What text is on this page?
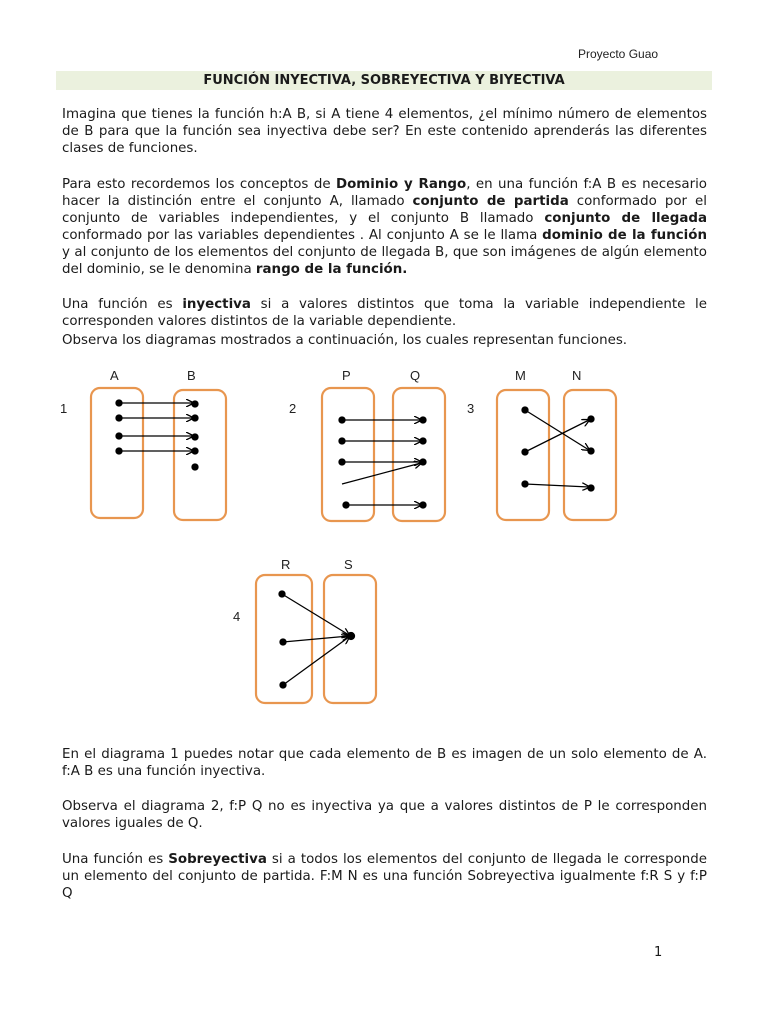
Proyecto Guao
FUNCIÓN INYECTIVA, SOBREYECTIVA Y BIYECTIVA

Imagina que tienes la función h:A B, si A tiene 4 elementos, ¿el mínimo número de elementos de B para que la función sea inyectiva debe ser? En este contenido aprenderás las diferentes clases de funciones.

Para esto recordemos los conceptos de Dominio y Rango, en una función f:A B es necesario hacer la distinción entre el conjunto A, llamado conjunto de partida conformado por el conjunto de variables independientes, y el conjunto B llamado conjunto de llegada conformado por las variables dependientes . Al conjunto A se le llama dominio de la función y al conjunto de los elementos del conjunto de llegada B, que son imágenes de algún elemento del dominio, se le denomina rango de la función.

Una función es inyectiva si a valores distintos que toma la variable independiente le corresponden valores distintos de la variable dependiente.

Observa los diagramas mostrados a continuación, los cuales representan funciones.

1
A	B
2
P	Q
3
M	N
4
R	S

En el diagrama 1 puedes notar que cada elemento de B es imagen de un solo elemento de A. f:A B es una función inyectiva.

Observa el diagrama 2, f:P Q no es inyectiva ya que a valores distintos de P le corresponden valores iguales de Q.

Una función es Sobreyectiva si a todos los elementos del conjunto de llegada le corresponde un elemento del conjunto de partida. F:M N es una función Sobreyectiva igualmente f:R S y f:P Q

1
